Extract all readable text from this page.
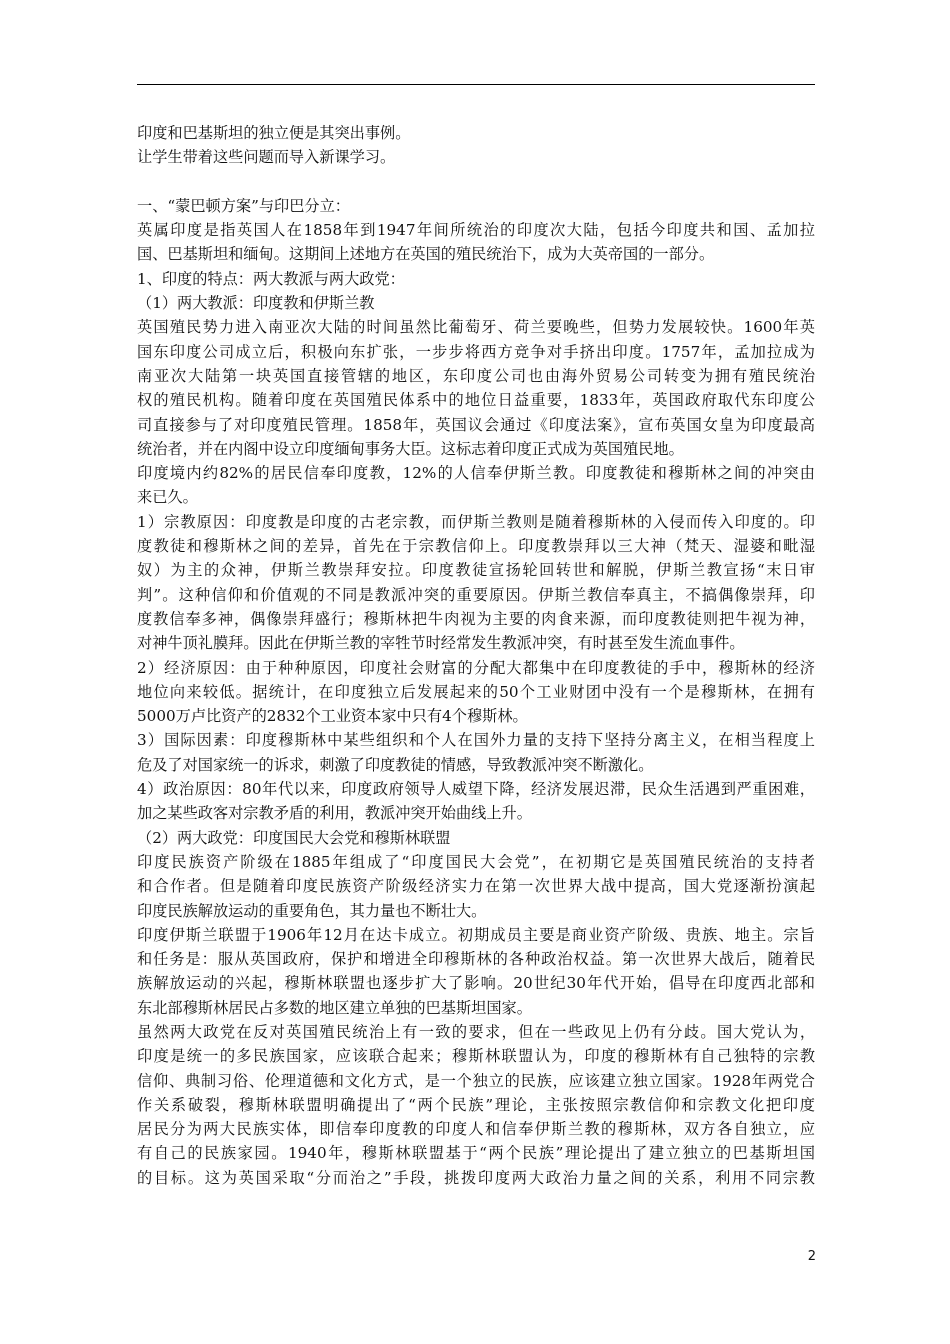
印度和巴基斯坦的独立便是其突出事例。
让学生带着这些问题而导入新课学习。
一、“蒙巴顿方案”与印巴分立：
英属印度是指英国人在1858年到1947年间所统治的印度次大陆，包括今印度共和国、孟加拉
国、巴基斯坦和缅甸。这期间上述地方在英国的殖民统治下，成为大英帝国的一部分。
1、印度的特点：两大教派与两大政党：
（1）两大教派：印度教和伊斯兰教
英国殖民势力进入南亚次大陆的时间虽然比葡萄牙、荷兰要晚些，但势力发展较快。1600年英
国东印度公司成立后，积极向东扩张，一步步将西方竞争对手挤出印度。1757年，孟加拉成为
南亚次大陆第一块英国直接管辖的地区，东印度公司也由海外贸易公司转变为拥有殖民统治
权的殖民机构。随着印度在英国殖民体系中的地位日益重要，1833年，英国政府取代东印度公
司直接参与了对印度殖民管理。1858年，英国议会通过《印度法案》，宣布英国女皇为印度最高
统治者，并在内阁中设立印度缅甸事务大臣。这标志着印度正式成为英国殖民地。
印度境内约82%的居民信奉印度教，12%的人信奉伊斯兰教。印度教徒和穆斯林之间的冲突由
来已久。
1）宗教原因：印度教是印度的古老宗教，而伊斯兰教则是随着穆斯林的入侵而传入印度的。印
度教徒和穆斯林之间的差异，首先在于宗教信仰上。印度教崇拜以三大神（梵天、湿婆和毗湿
奴）为主的众神，伊斯兰教崇拜安拉。印度教徒宣扬轮回转世和解脱，伊斯兰教宣扬“末日审
判”。这种信仰和价值观的不同是教派冲突的重要原因。伊斯兰教信奉真主，不搞偶像崇拜，印
度教信奉多神，偶像崇拜盛行；穆斯林把牛肉视为主要的肉食来源，而印度教徒则把牛视为神，
对神牛顶礼膜拜。因此在伊斯兰教的宰牲节时经常发生教派冲突，有时甚至发生流血事件。
2）经济原因：由于种种原因，印度社会财富的分配大都集中在印度教徒的手中，穆斯林的经济
地位向来较低。据统计，在印度独立后发展起来的50个工业财团中没有一个是穆斯林，在拥有
5000万卢比资产的2832个工业资本家中只有4个穆斯林。
3）国际因素：印度穆斯林中某些组织和个人在国外力量的支持下坚持分离主义，在相当程度上
危及了对国家统一的诉求，刺激了印度教徒的情感，导致教派冲突不断激化。
4）政治原因：80年代以来，印度政府领导人威望下降，经济发展迟滞，民众生活遇到严重困难，
加之某些政客对宗教矛盾的利用，教派冲突开始曲线上升。
（2）两大政党：印度国民大会党和穆斯林联盟
印度民族资产阶级在1885年组成了“印度国民大会党”，在初期它是英国殖民统治的支持者
和合作者。但是随着印度民族资产阶级经济实力在第一次世界大战中提高，国大党逐渐扮演起
印度民族解放运动的重要角色，其力量也不断壮大。
印度伊斯兰联盟于1906年12月在达卡成立。初期成员主要是商业资产阶级、贵族、地主。宗旨
和任务是：服从英国政府，保护和增进全印穆斯林的各种政治权益。第一次世界大战后，随着民
族解放运动的兴起，穆斯林联盟也逐步扩大了影响。20世纪30年代开始，倡导在印度西北部和
东北部穆斯林居民占多数的地区建立单独的巴基斯坦国家。
虽然两大政党在反对英国殖民统治上有一致的要求，但在一些政见上仍有分歧。国大党认为，
印度是统一的多民族国家，应该联合起来；穆斯林联盟认为，印度的穆斯林有自己独特的宗教
信仰、典制习俗、伦理道德和文化方式，是一个独立的民族，应该建立独立国家。1928年两党合
作关系破裂，穆斯林联盟明确提出了“两个民族”理论，主张按照宗教信仰和宗教文化把印度
居民分为两大民族实体，即信奉印度教的印度人和信奉伊斯兰教的穆斯林，双方各自独立，应
有自己的民族家园。1940年，穆斯林联盟基于“两个民族”理论提出了建立独立的巴基斯坦国
的目标。这为英国采取“分而治之”手段，挑拨印度两大政治力量之间的关系，利用不同宗教
2
